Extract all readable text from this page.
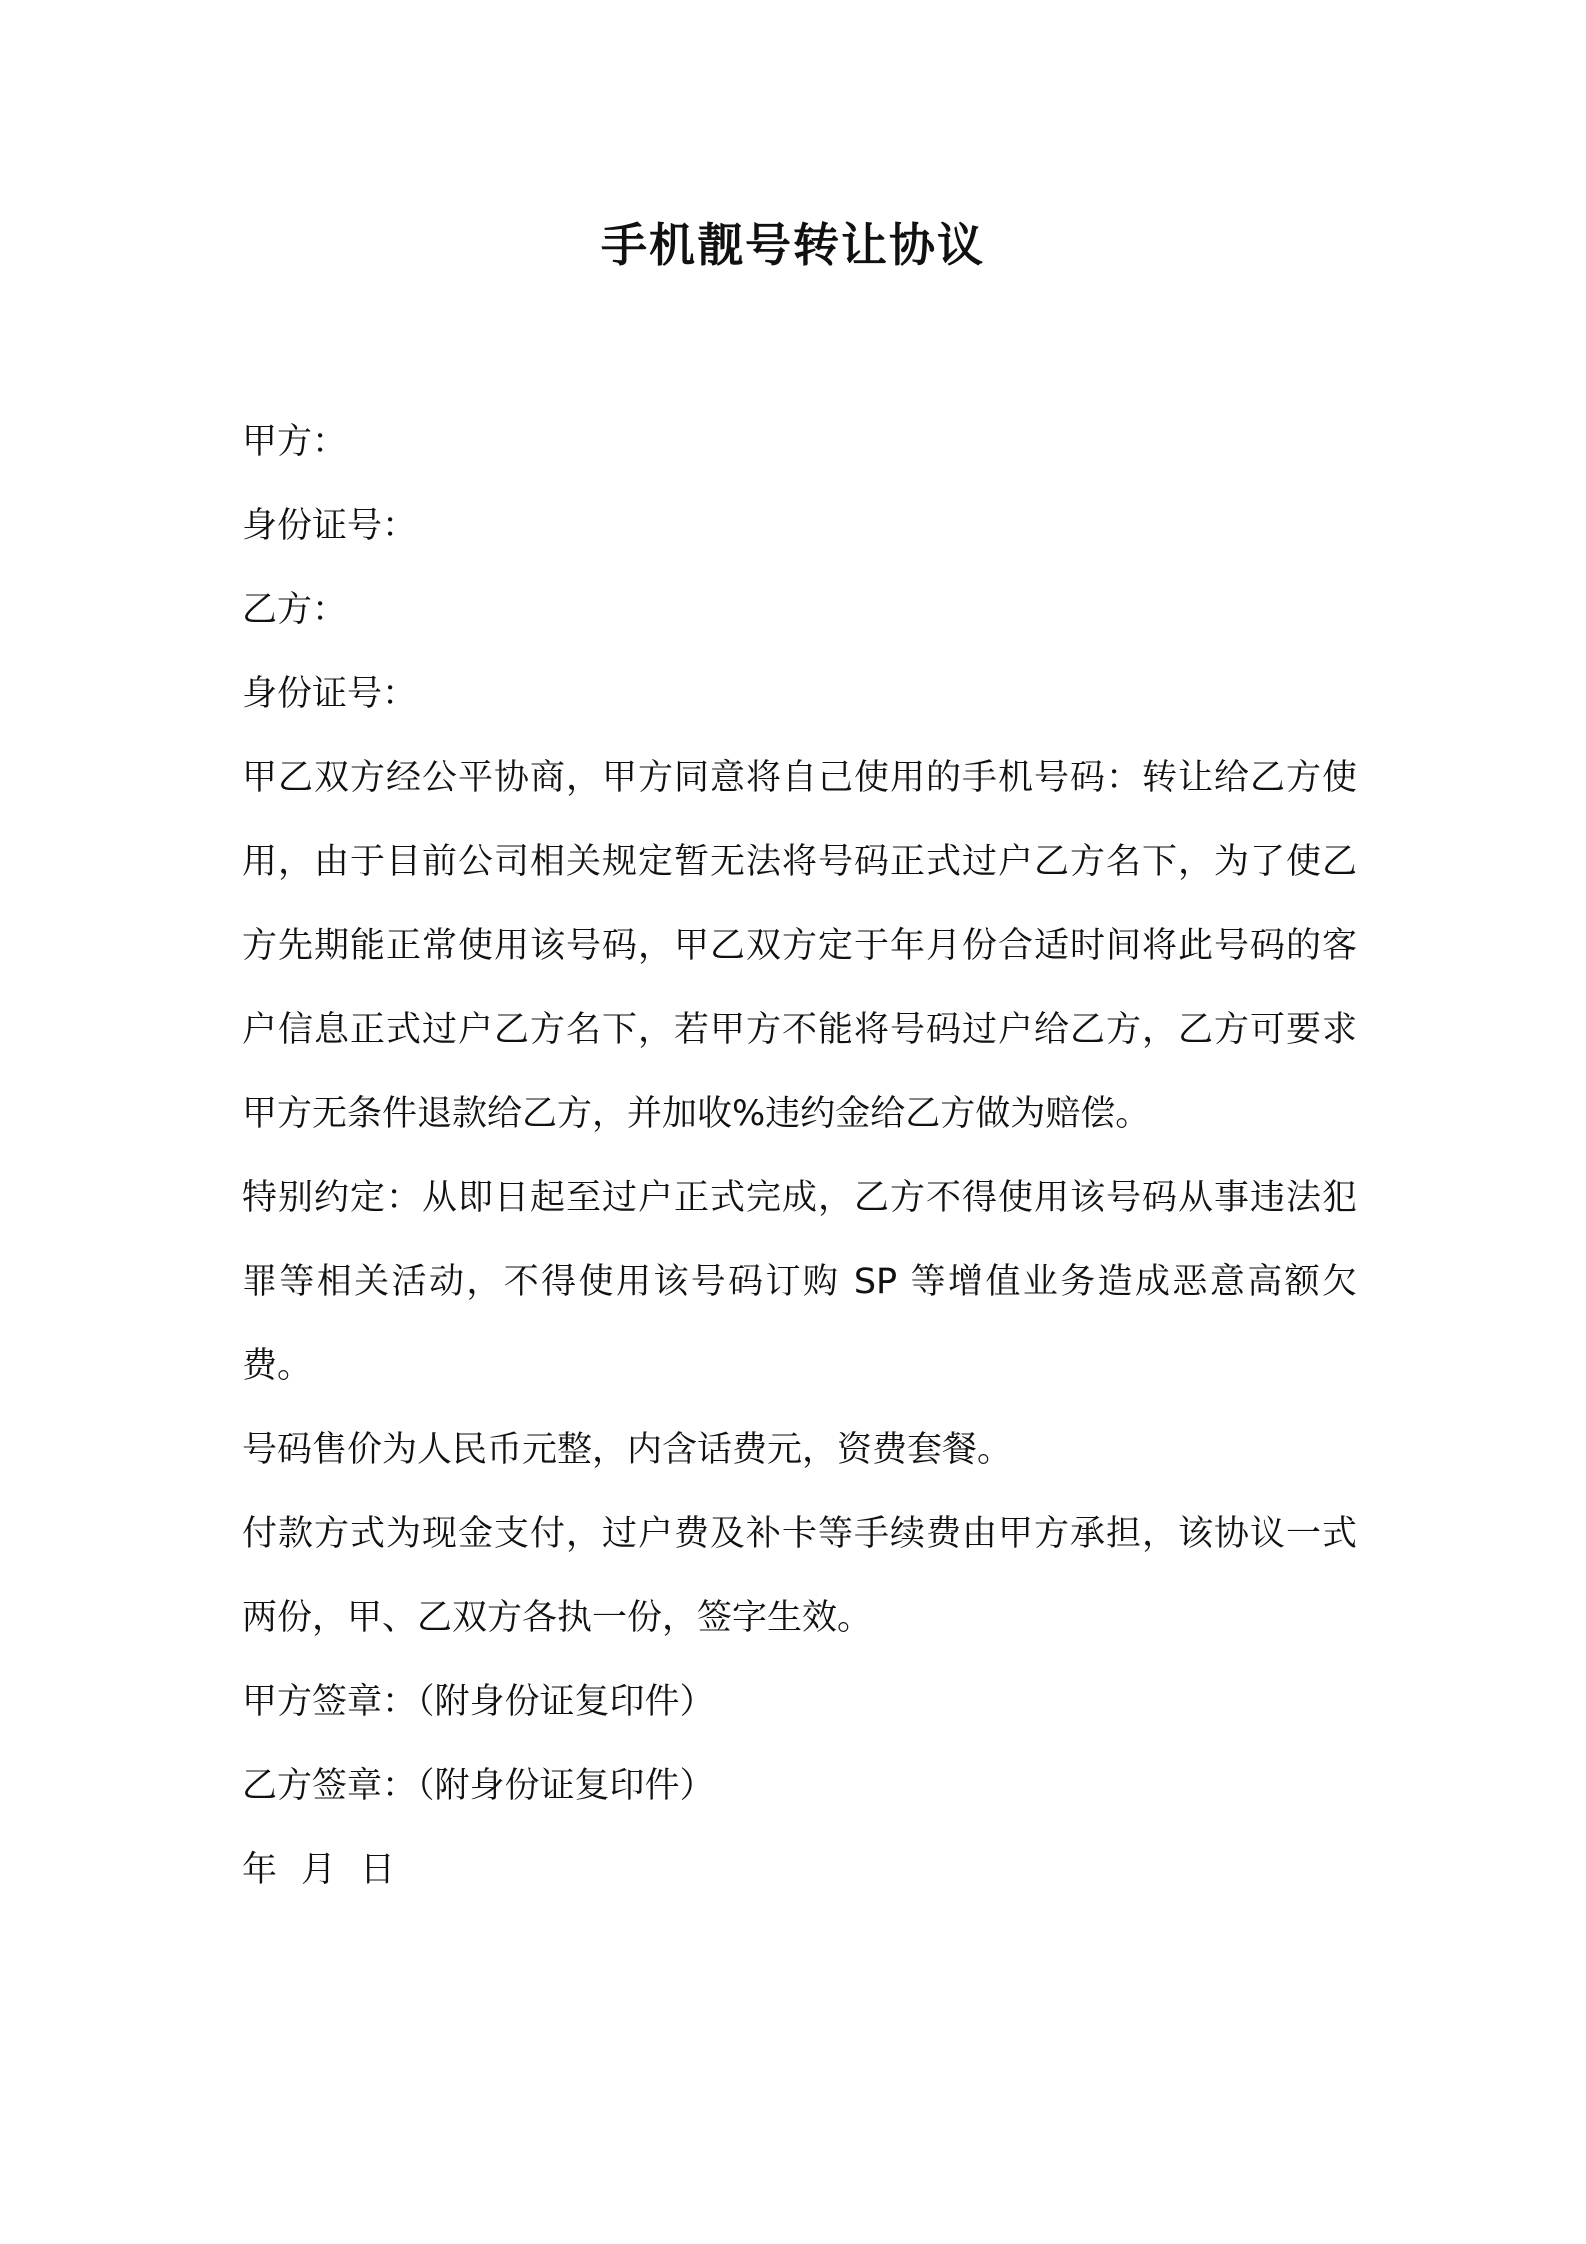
手机靓号转让协议

甲方：

身份证号：

乙方：

身份证号：

甲乙双方经公平协商，甲方同意将自己使用的手机号码：转让给乙方使用，由于目前公司相关规定暂无法将号码正式过户乙方名下，为了使乙方先期能正常使用该号码，甲乙双方定于年月份合适时间将此号码的客户信息正式过户乙方名下，若甲方不能将号码过户给乙方，乙方可要求甲方无条件退款给乙方，并加收%违约金给乙方做为赔偿。

特别约定：从即日起至过户正式完成，乙方不得使用该号码从事违法犯罪等相关活动，不得使用该号码订购 SP 等增值业务造成恶意高额欠费。

号码售价为人民币元整，内含话费元，资费套餐。

付款方式为现金支付，过户费及补卡等手续费由甲方承担，该协议一式两份，甲、乙双方各执一份，签字生效。

甲方签章：（附身份证复印件）

乙方签章：（附身份证复印件）

年 月 日
